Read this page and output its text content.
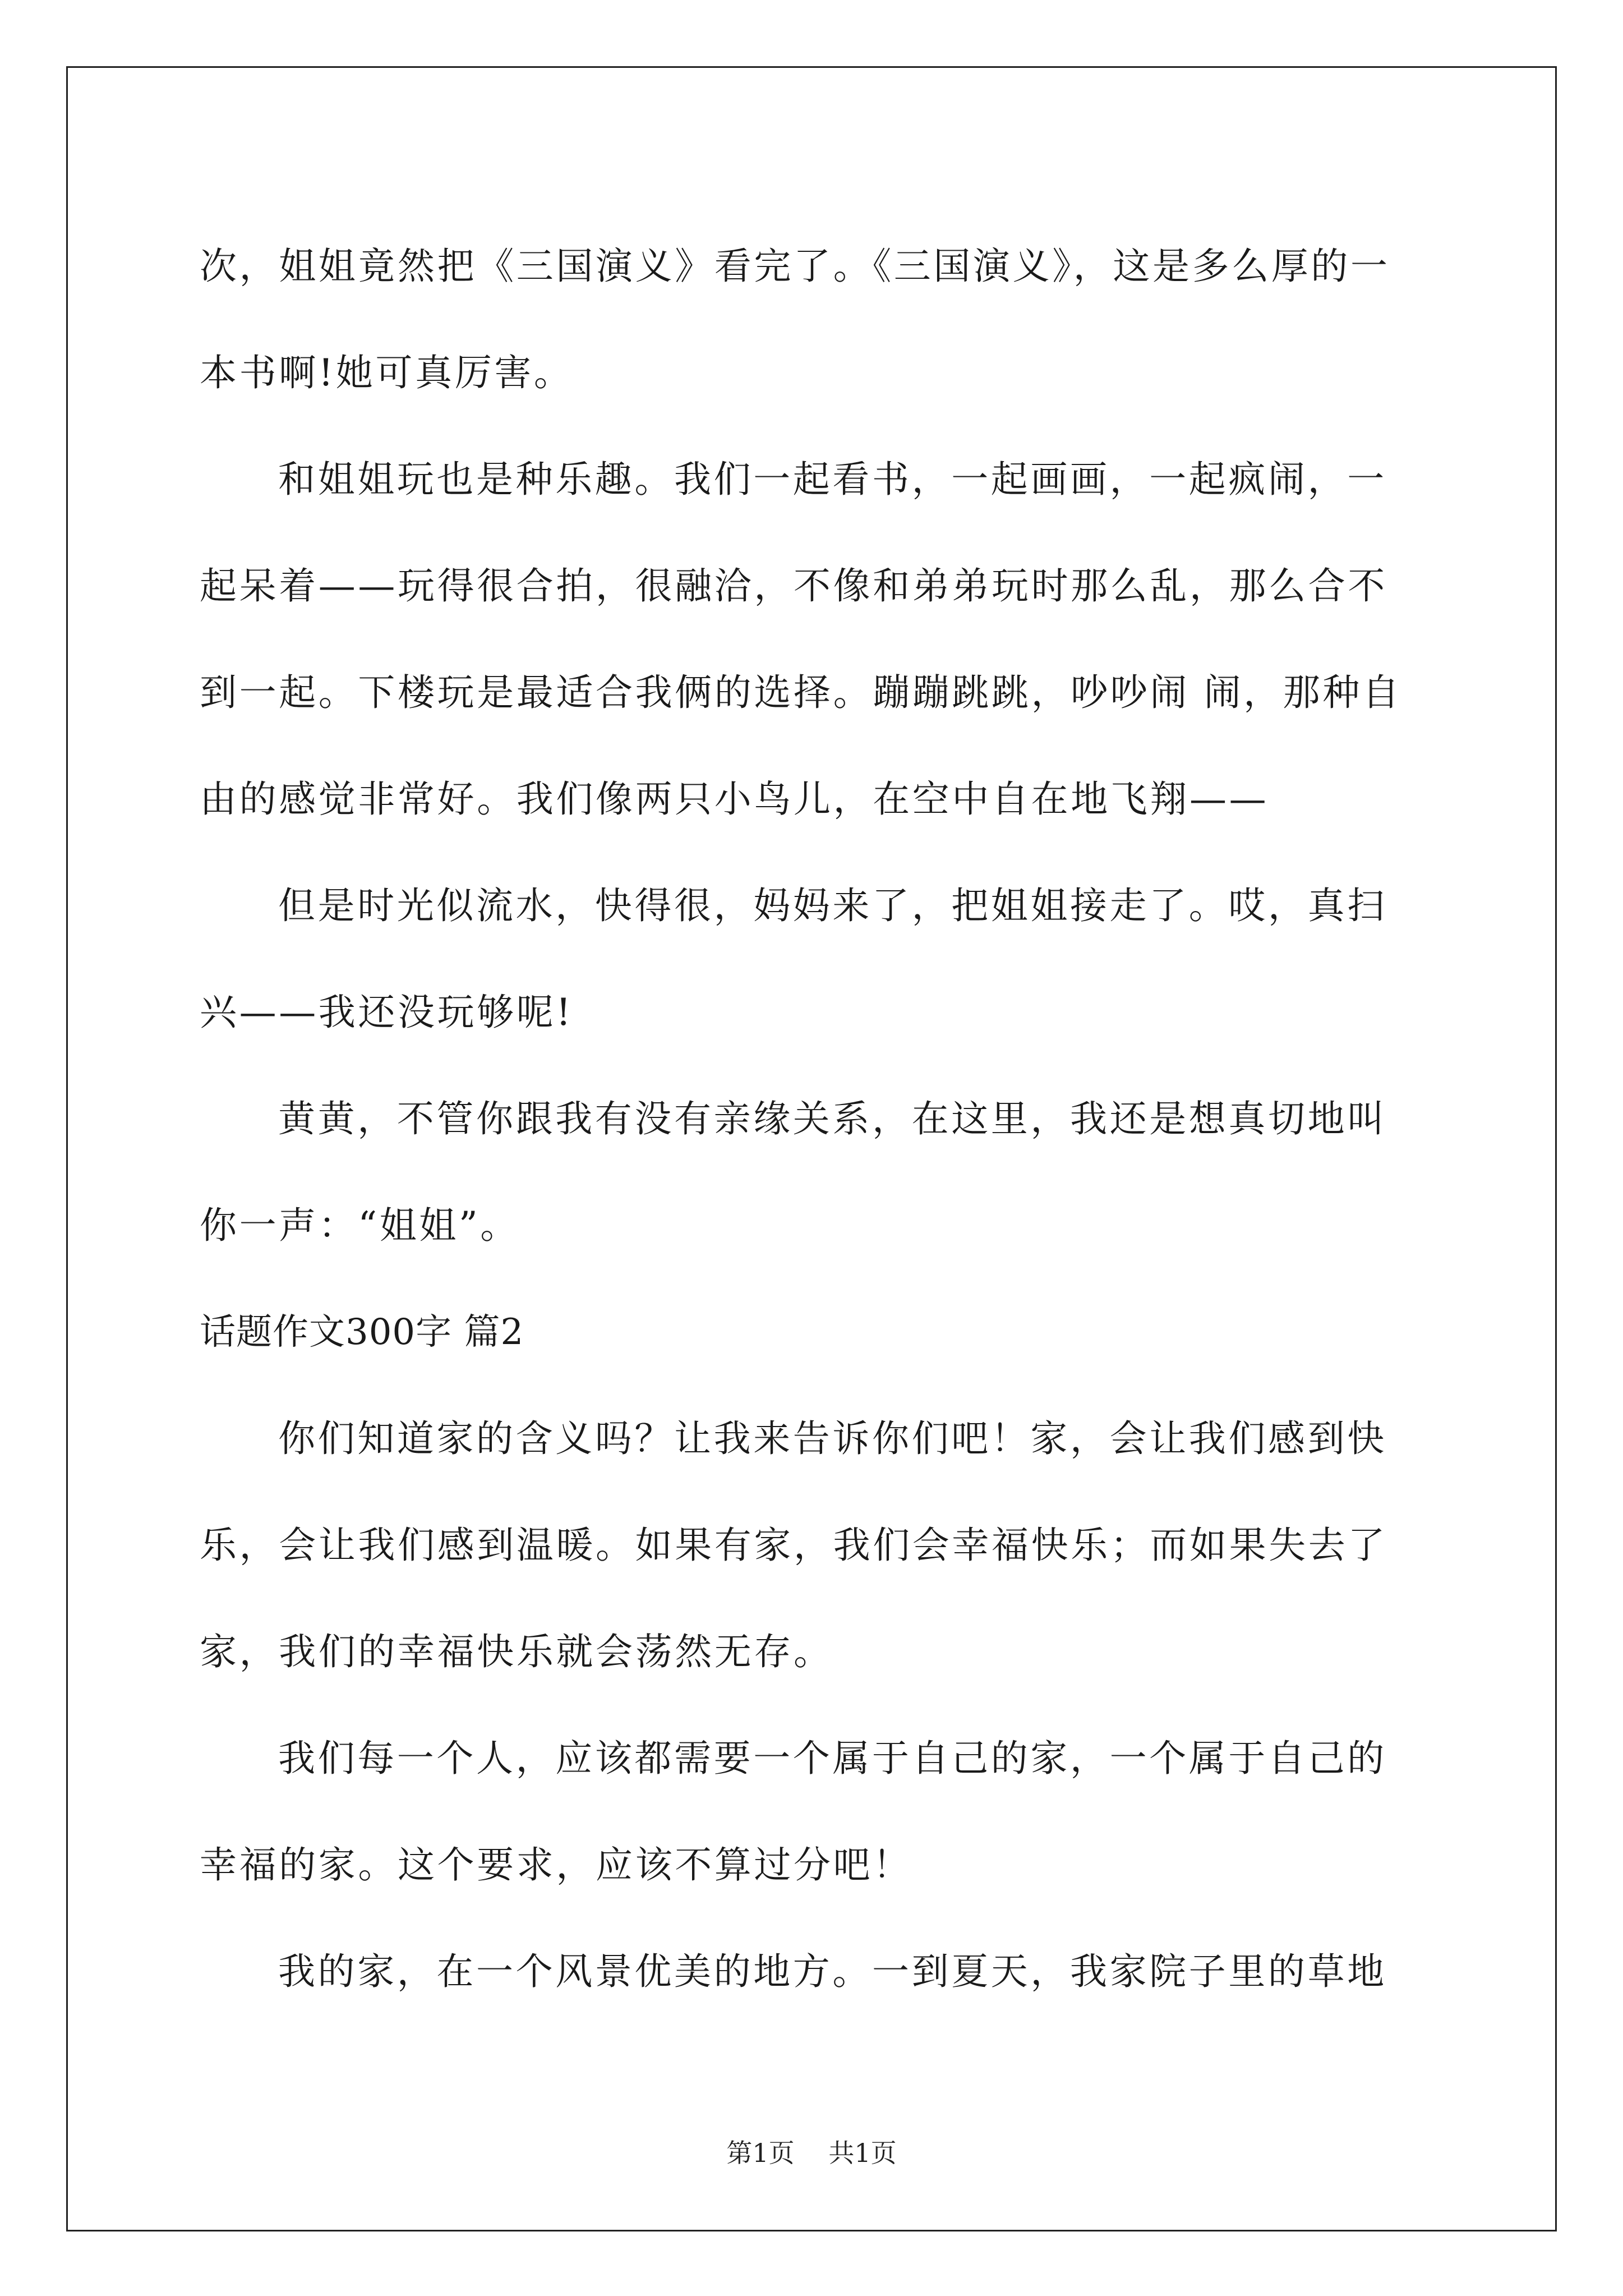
次，姐姐竟然把《三国演义》看完了。《三国演义》，这是多么厚的一

本书啊!她可真厉害。

和姐姐玩也是种乐趣。我们一起看书，一起画画，一起疯闹，一

起呆着——玩得很合拍，很融洽，不像和弟弟玩时那么乱，那么合不

到一起。下楼玩是最适合我俩的选择。蹦蹦跳跳，吵吵闹 闹，那种自

由的感觉非常好。我们像两只小鸟儿，在空中自在地飞翔——

但是时光似流水，快得很，妈妈来了，把姐姐接走了。哎，真扫

兴——我还没玩够呢!

黄黄，不管你跟我有没有亲缘关系，在这里，我还是想真切地叫

你一声：“姐姐”。

话题作文300字 篇2

你们知道家的含义吗？让我来告诉你们吧！家，会让我们感到快

乐，会让我们感到温暖。如果有家，我们会幸福快乐；而如果失去了

家，我们的幸福快乐就会荡然无存。

我们每一个人，应该都需要一个属于自己的家，一个属于自己的

幸福的家。这个要求，应该不算过分吧！

我的家，在一个风景优美的地方。一到夏天，我家院子里的草地

第1页 共1页
